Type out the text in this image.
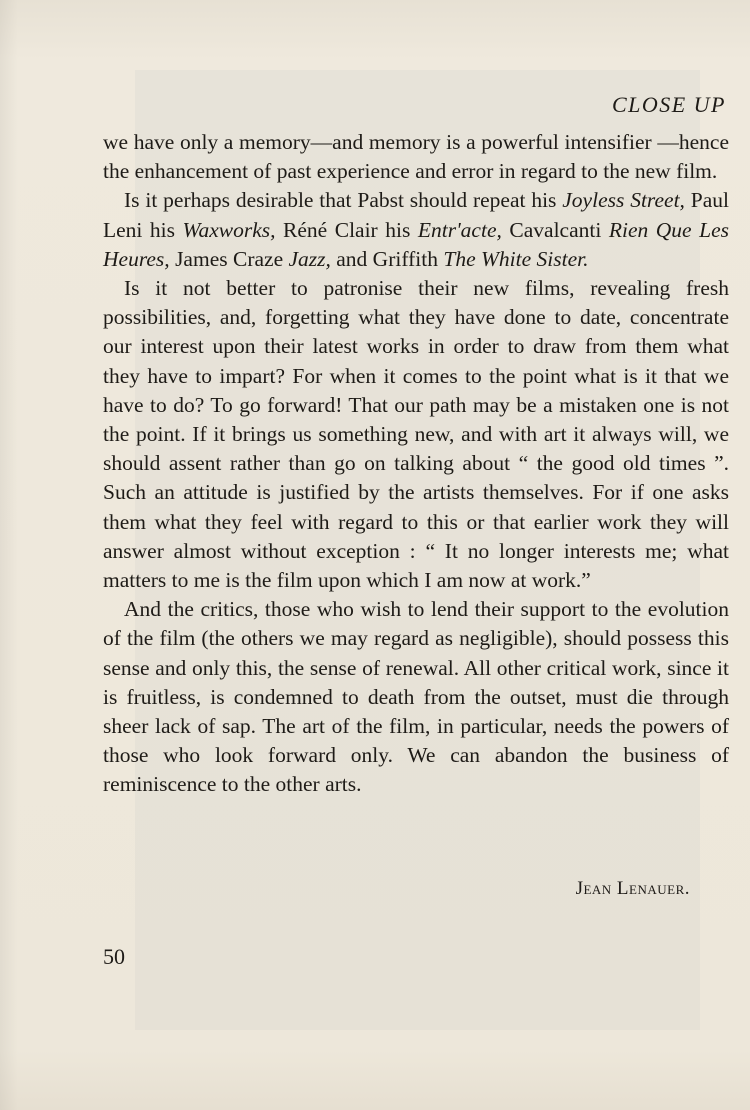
CLOSE UP

we have only a memory—and memory is a powerful intensifier —hence the enhancement of past experience and error in regard to the new film.

Is it perhaps desirable that Pabst should repeat his Joyless Street, Paul Leni his Waxworks, Réné Clair his Entr'acte, Cavalcanti Rien Que Les Heures, James Craze Jazz, and Griffith The White Sister.

Is it not better to patronise their new films, revealing fresh possibilities, and, forgetting what they have done to date, concentrate our interest upon their latest works in order to draw from them what they have to impart? For when it comes to the point what is it that we have to do? To go forward! That our path may be a mistaken one is not the point. If it brings us something new, and with art it always will, we should assent rather than go on talking about “ the good old times ”. Such an attitude is justified by the artists themselves. For if one asks them what they feel with regard to this or that earlier work they will answer almost without exception : “ It no longer interests me; what matters to me is the film upon which I am now at work.”

And the critics, those who wish to lend their support to the evolution of the film (the others we may regard as negligible), should possess this sense and only this, the sense of renewal. All other critical work, since it is fruitless, is condemned to death from the outset, must die through sheer lack of sap. The art of the film, in particular, needs the powers of those who look forward only. We can abandon the business of reminiscence to the other arts.

Jean Lenauer.
50
